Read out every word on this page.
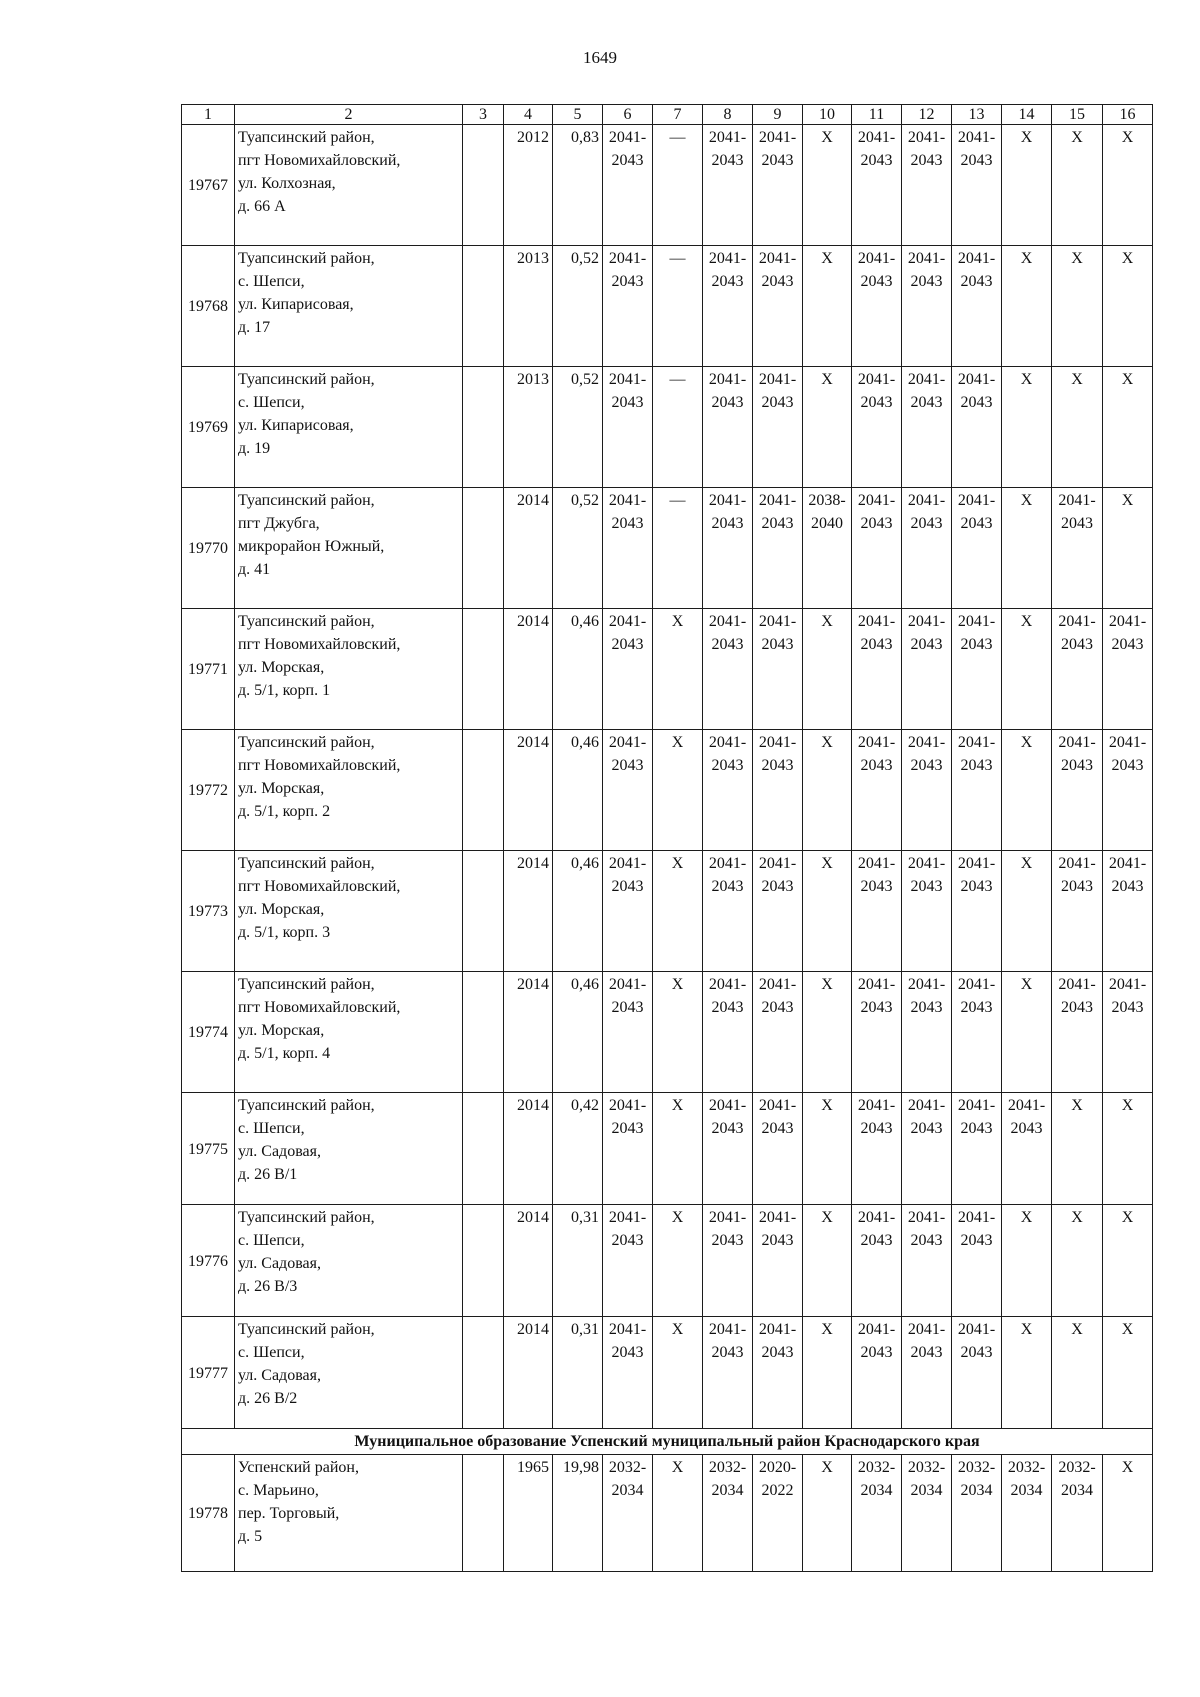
1649
1	2	3	4	5	6	7	8	9	10	11	12	13	14	15	16
19767	Туапсинский район,
пгт Новомихайловский,
ул. Колхозная,
д. 66 А		2012	0,83	2041-
2043	—	2041-
2043	2041-
2043	X	2041-
2043	2041-
2043	2041-
2043	X	X	X

19768	Туапсинский район,
с. Шепси,
ул. Кипарисовая,
д. 17		2013	0,52	2041-
2043	—	2041-
2043	2041-
2043	X	2041-
2043	2041-
2043	2041-
2043	X	X	X

19769	Туапсинский район,
с. Шепси,
ул. Кипарисовая,
д. 19		2013	0,52	2041-
2043	—	2041-
2043	2041-
2043	X	2041-
2043	2041-
2043	2041-
2043	X	X	X

19770	Туапсинский район,
пгт Джубга,
микрорайон Южный,
д. 41		2014	0,52	2041-
2043	—	2041-
2043	2041-
2043	2038-
2040	2041-
2043	2041-
2043	2041-
2043	X	2041-
2043	X

19771	Туапсинский район,
пгт Новомихайловский,
ул. Морская,
д. 5/1, корп. 1		2014	0,46	2041-
2043	X	2041-
2043	2041-
2043	X	2041-
2043	2041-
2043	2041-
2043	X	2041-
2043	2041-
2043

19772	Туапсинский район,
пгт Новомихайловский,
ул. Морская,
д. 5/1, корп. 2		2014	0,46	2041-
2043	X	2041-
2043	2041-
2043	X	2041-
2043	2041-
2043	2041-
2043	X	2041-
2043	2041-
2043

19773	Туапсинский район,
пгт Новомихайловский,
ул. Морская,
д. 5/1, корп. 3		2014	0,46	2041-
2043	X	2041-
2043	2041-
2043	X	2041-
2043	2041-
2043	2041-
2043	X	2041-
2043	2041-
2043

19774	Туапсинский район,
пгт Новомихайловский,
ул. Морская,
д. 5/1, корп. 4		2014	0,46	2041-
2043	X	2041-
2043	2041-
2043	X	2041-
2043	2041-
2043	2041-
2043	X	2041-
2043	2041-
2043

19775	Туапсинский район,
с. Шепси,
ул. Садовая,
д. 26 В/1		2014	0,42	2041-
2043	X	2041-
2043	2041-
2043	X	2041-
2043	2041-
2043	2041-
2043	2041-
2043	X	X

19776	Туапсинский район,
с. Шепси,
ул. Садовая,
д. 26 В/3		2014	0,31	2041-
2043	X	2041-
2043	2041-
2043	X	2041-
2043	2041-
2043	2041-
2043	X	X	X

19777	Туапсинский район,
с. Шепси,
ул. Садовая,
д. 26 В/2		2014	0,31	2041-
2043	X	2041-
2043	2041-
2043	X	2041-
2043	2041-
2043	2041-
2043	X	X	X

Муниципальное образование Успенский муниципальный район Краснодарского края															
19778	Успенский район,
с. Марьино,
пер. Торговый,
д. 5		1965	19,98	2032-
2034	X	2032-
2034	2020-
2022	X	2032-
2034	2032-
2034	2032-
2034	2032-
2034	2032-
2034	X
